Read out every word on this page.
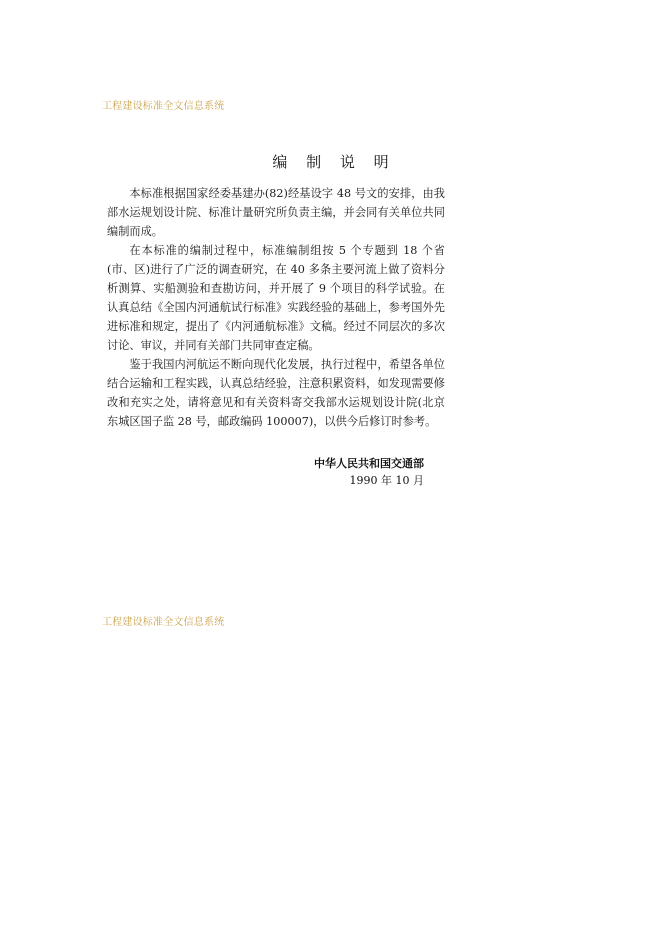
工程建设标准全文信息系统
编 制 说 明

本标准根据国家经委基建办(82)经基设字 48 号文的安排，由我部水运规划设计院、标准计量研究所负责主编，并会同有关单位共同编制而成。

在本标准的编制过程中，标准编制组按 5 个专题到 18 个省(市、区)进行了广泛的调查研究，在 40 多条主要河流上做了资料分析测算、实船测验和查勘访问，并开展了 9 个项目的科学试验。在认真总结《全国内河通航试行标准》实践经验的基础上，参考国外先进标准和规定，提出了《内河通航标准》文稿。经过不同层次的多次讨论、审议，并同有关部门共同审查定稿。

鉴于我国内河航运不断向现代化发展，执行过程中，希望各单位结合运输和工程实践，认真总结经验，注意积累资料，如发现需要修改和充实之处，请将意见和有关资料寄交我部水运规划设计院(北京东城区国子监 28 号，邮政编码 100007)，以供今后修订时参考。

中华人民共和国交通部
1990 年 10 月
工程建设标准全文信息系统
